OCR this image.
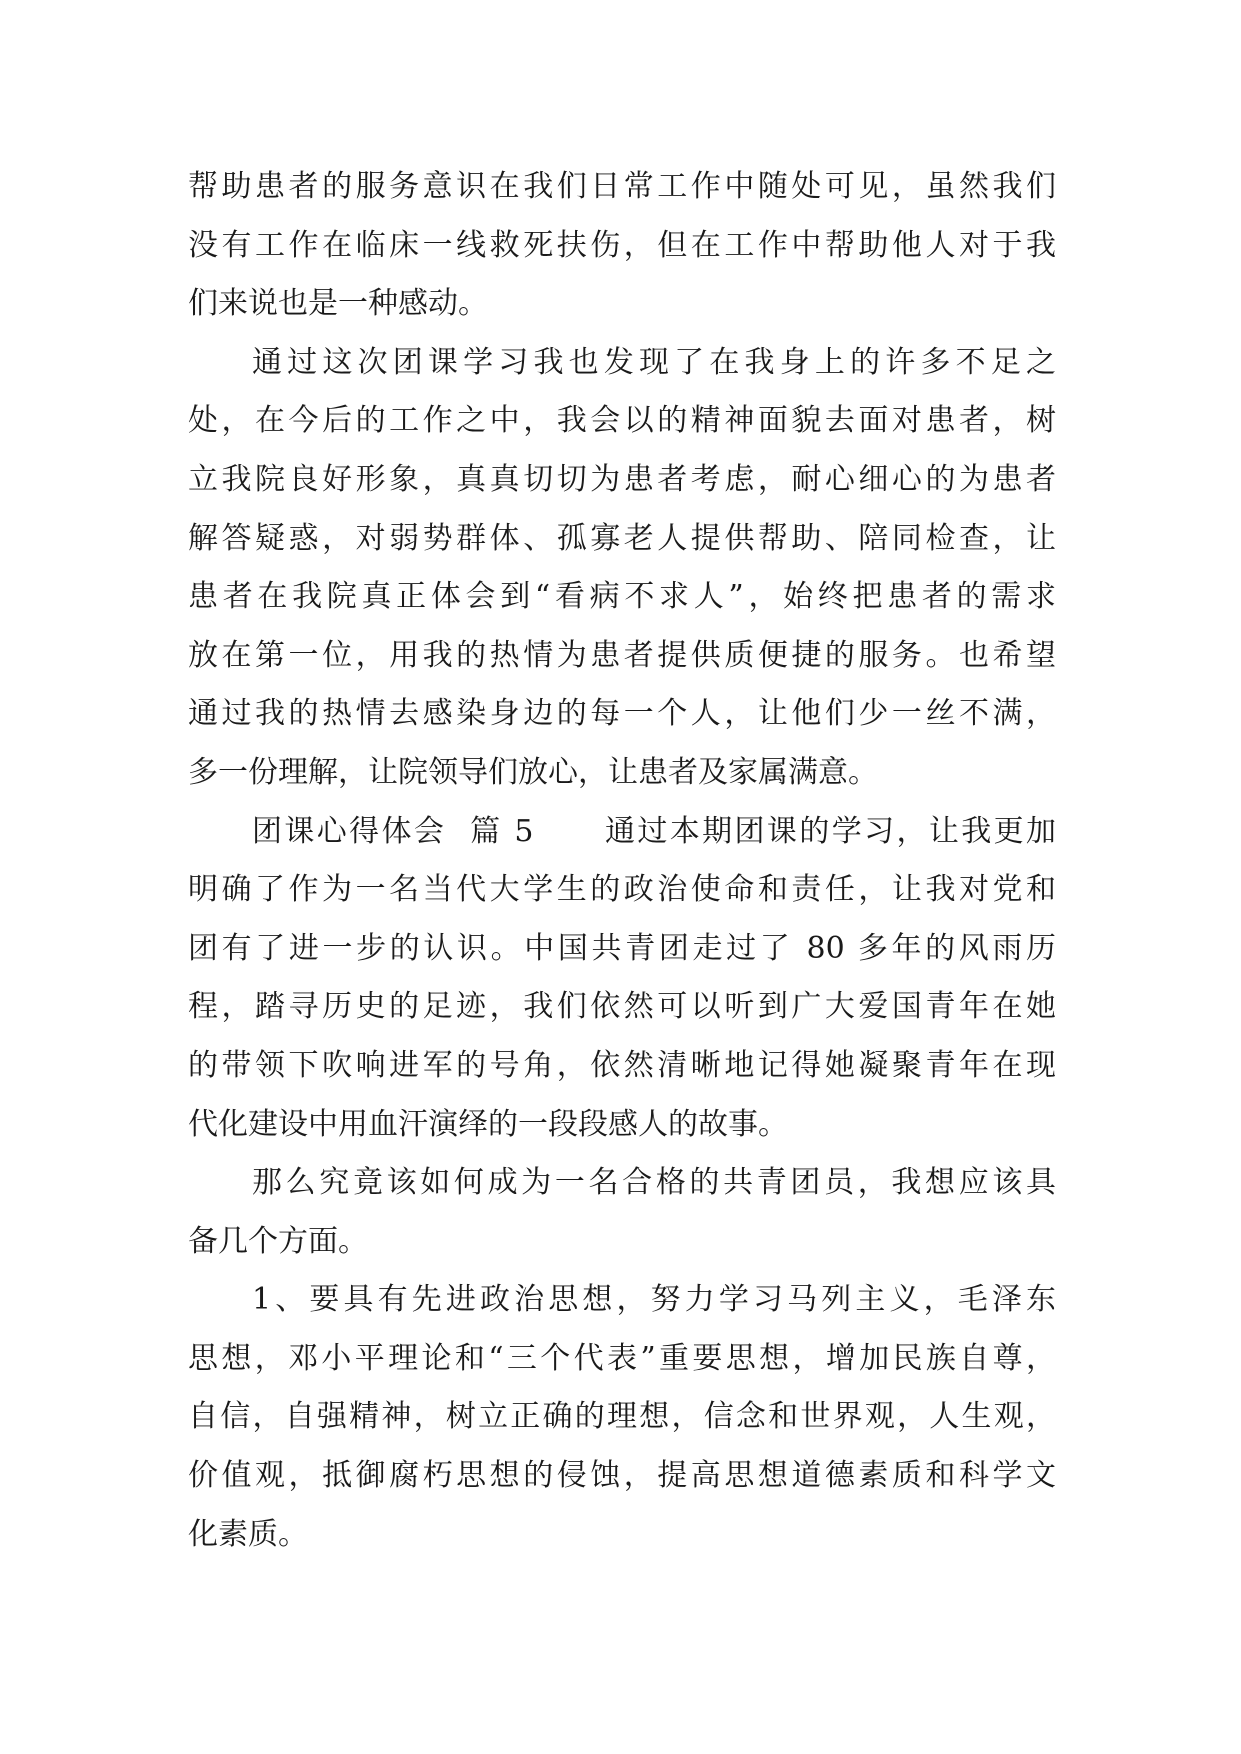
帮助患者的服务意识在我们日常工作中随处可见，虽然我们
没有工作在临床一线救死扶伤，但在工作中帮助他人对于我
们来说也是一种感动。
通过这次团课学习我也发现了在我身上的许多不足之
处，在今后的工作之中，我会以的精神面貌去面对患者，树
立我院良好形象，真真切切为患者考虑，耐心细心的为患者
解答疑惑，对弱势群体、孤寡老人提供帮助、陪同检查，让
患者在我院真正体会到“看病不求人”，始终把患者的需求
放在第一位，用我的热情为患者提供质便捷的服务。也希望
通过我的热情去感染身边的每一个人，让他们少一丝不满，
多一份理解，让院领导们放心，让患者及家属满意。
团课心得体会  篇 5      通过本期团课的学习，让我更加
明确了作为一名当代大学生的政治使命和责任，让我对党和
团有了进一步的认识。中国共青团走过了 80 多年的风雨历
程，踏寻历史的足迹，我们依然可以听到广大爱国青年在她
的带领下吹响进军的号角，依然清晰地记得她凝聚青年在现
代化建设中用血汗演绎的一段段感人的故事。
那么究竟该如何成为一名合格的共青团员，我想应该具
备几个方面。
1、要具有先进政治思想，努力学习马列主义，毛泽东
思想，邓小平理论和“三个代表”重要思想，增加民族自尊，
自信，自强精神，树立正确的理想，信念和世界观，人生观，
价值观，抵御腐朽思想的侵蚀，提高思想道德素质和科学文
化素质。
